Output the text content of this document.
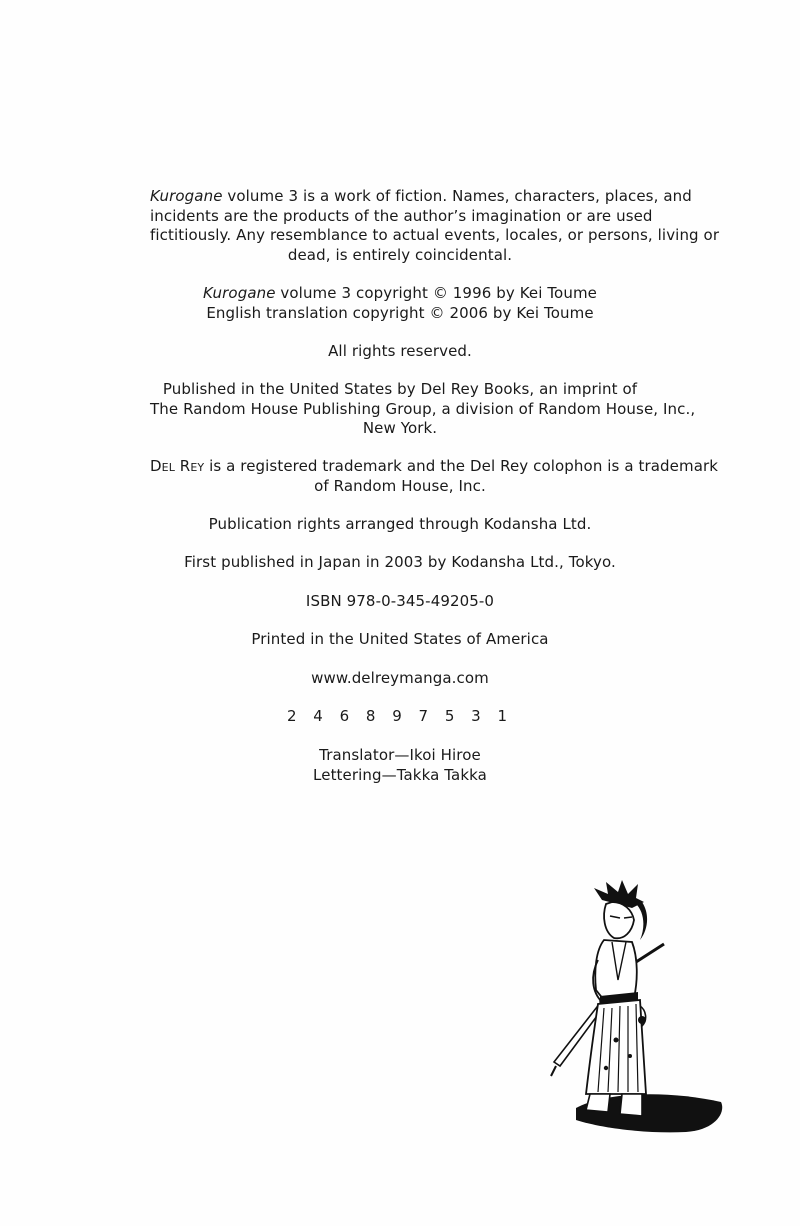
Kurogane volume 3 is a work of fiction. Names, characters, places, and
incidents are the products of the author’s imagination or are used
fictitiously. Any resemblance to actual events, locales, or persons, living or
dead, is entirely coincidental.
Kurogane volume 3 copyright © 1996 by Kei Toume
English translation copyright © 2006 by Kei Toume
All rights reserved.
Published in the United States by Del Rey Books, an imprint of
The Random House Publishing Group, a division of Random House, Inc.,
New York.
Del Rey is a registered trademark and the Del Rey colophon is a trademark
of Random House, Inc.
Publication rights arranged through Kodansha Ltd.
First published in Japan in 2003 by Kodansha Ltd., Tokyo.
ISBN 978-0-345-49205-0
Printed in the United States of America
www.delreymanga.com
2 4 6 8 9 7 5 3 1
Translator—Ikoi Hiroe
Lettering—Takka Takka
